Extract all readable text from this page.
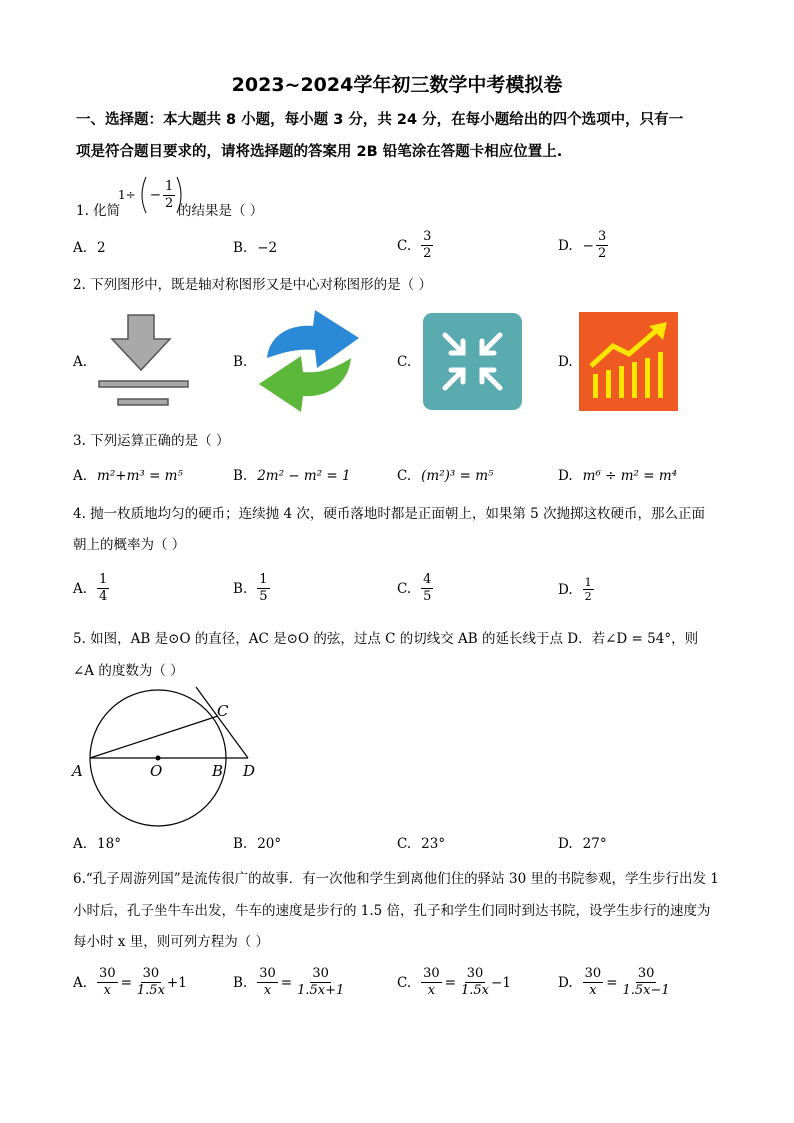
2023~2024学年初三数学中考模拟卷
一、选择题：本大题共 8 小题，每小题 3 分，共 24 分，在每小题给出的四个选项中，只有一
项是符合题目要求的，请将选择题的答案用 2B 铅笔涂在答题卡相应位置上.
1. 化简
$1\div - \frac{1}{2}$ 的结果是（ ）
A. 2	B. −2	C. $\frac{3}{2}$	D. − $\frac{3}{2}$
2. 下列图形中，既是轴对称图形又是中心对称图形的是（ ）
A.	B.	C.	D.
3. 下列运算正确的是（ ）
A. m²+m³ = m⁵	B. 2m² − m² = 1	C. (m²)³ = m⁵	D. m⁶ ÷ m² = m⁴
4. 抛一枚质地均匀的硬币；连续抛 4 次，硬币落地时都是正面朝上，如果第 5 次抛掷这枚硬币，那么正面
朝上的概率为（ ）
A. $\frac{1}{4}$	B. $\frac{1}{5}$	C. $\frac{4}{5}$	D. $\frac{1}{2}$
5. 如图，AB 是⊙O 的直径，AC 是⊙O 的弦，过点 C 的切线交 AB 的延长线于点 D．若∠D = 54°，则
∠A 的度数为（ ）
A	O	B D
C
A. 18°	B. 20°	C. 23°	D. 27°
6.“孔子周游列国”是流传很广的故事．有一次他和学生到离他们住的驿站 30 里的书院参观，学生步行出发 1
小时后，孔子坐牛车出发，牛车的速度是步行的 1.5 倍，孔子和学生们同时到达书院，设学生步行的速度为
每小时 x 里，则可列方程为（ ）
A. $\frac{30}{x} = \frac{30}{1.5x} +1$	B. $\frac{30}{x} = \frac{30}{1.5x+1}$	C. $\frac{30}{x} = \frac{30}{1.5x} -1$	D. $\frac{30}{x} = \frac{30}{1.5x-1}$
